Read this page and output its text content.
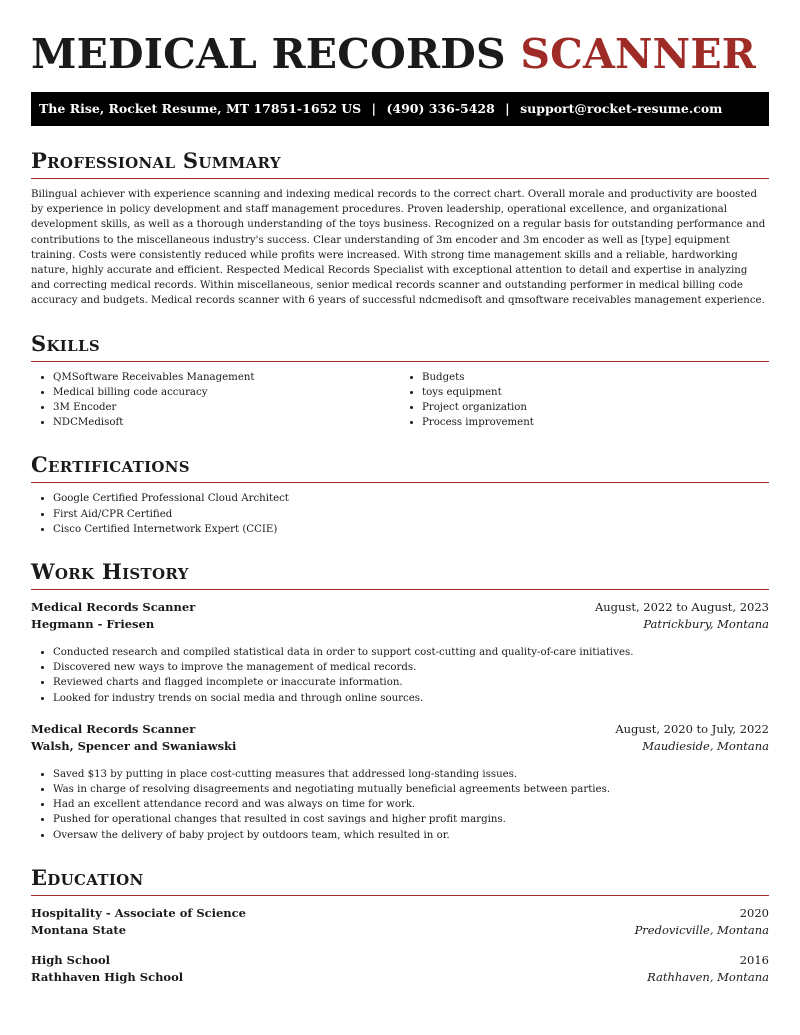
MEDICAL RECORDS SCANNER
The Rise, Rocket Resume, MT 17851-1652 US | (490) 336-5428 | support@rocket-resume.com
Professional Summary

Bilingual achiever with experience scanning and indexing medical records to the correct chart. Overall morale and productivity are boosted by experience in policy development and staff management procedures. Proven leadership, operational excellence, and organizational development skills, as well as a thorough understanding of the toys business. Recognized on a regular basis for outstanding performance and contributions to the miscellaneous industry's success. Clear understanding of 3m encoder and 3m encoder as well as [type] equipment training. Costs were consistently reduced while profits were increased. With strong time management skills and a reliable, hardworking nature, highly accurate and efficient. Respected Medical Records Specialist with exceptional attention to detail and expertise in analyzing and correcting medical records. Within miscellaneous, senior medical records scanner and outstanding performer in medical billing code accuracy and budgets. Medical records scanner with 6 years of successful ndcmedisoft and qmsoftware receivables management experience.

Skills
• QMSoftware Receivables Management
• Medical billing code accuracy
• 3M Encoder
• NDCMedisoft
• Budgets
• toys equipment
• Project organization
• Process improvement
Certifications
• Google Certified Professional Cloud Architect
• First Aid/CPR Certified
• Cisco Certified Internetwork Expert (CCIE)
Work History
Medical Records Scanner	August, 2022 to August, 2023
Hegmann - Friesen	Patrickbury, Montana
• Conducted research and compiled statistical data in order to support cost-cutting and quality-of-care initiatives.
• Discovered new ways to improve the management of medical records.
• Reviewed charts and flagged incomplete or inaccurate information.
• Looked for industry trends on social media and through online sources.
Medical Records Scanner	August, 2020 to July, 2022
Walsh, Spencer and Swaniawski	Maudieside, Montana
• Saved $13 by putting in place cost-cutting measures that addressed long-standing issues.
• Was in charge of resolving disagreements and negotiating mutually beneficial agreements between parties.
• Had an excellent attendance record and was always on time for work.
• Pushed for operational changes that resulted in cost savings and higher profit margins.
• Oversaw the delivery of baby project by outdoors team, which resulted in or.
Education
Hospitality - Associate of Science	2020
Montana State	Predovicville, Montana
High School	2016
Rathhaven High School	Rathhaven, Montana
